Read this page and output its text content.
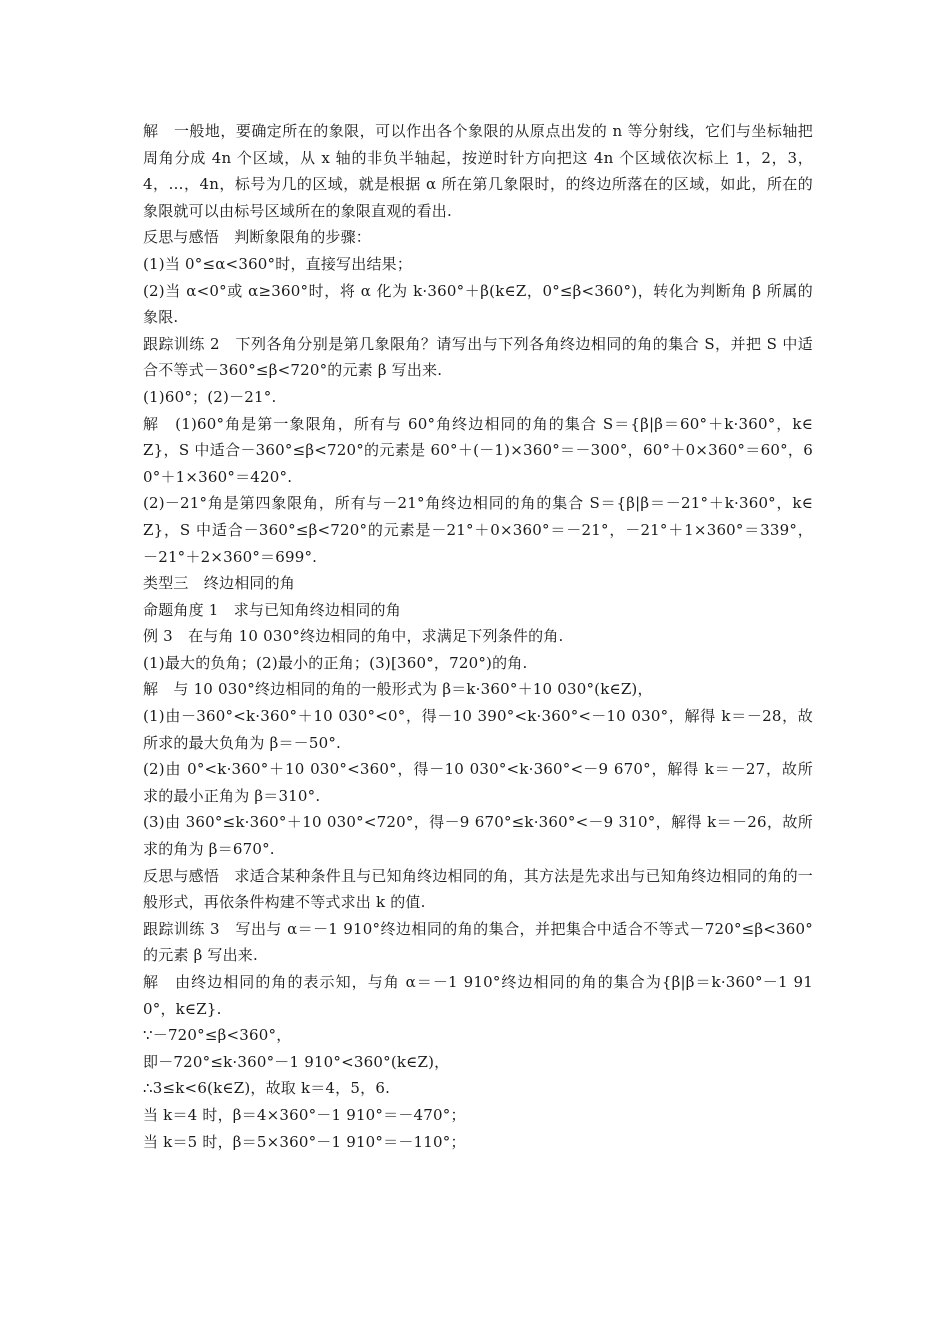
解　一般地，要确定所在的象限，可以作出各个象限的从原点出发的 n 等分射线，它们与坐标轴把周角分成 4n 个区域，从 x 轴的非负半轴起，按逆时针方向把这 4n 个区域依次标上 1，2，3，4，…，4n，标号为几的区域，就是根据 α 所在第几象限时，的终边所落在的区域，如此，所在的象限就可以由标号区域所在的象限直观的看出.

反思与感悟　判断象限角的步骤：

(1)当 0°≤α<360°时，直接写出结果；

(2)当 α<0°或 α≥360°时，将 α 化为 k·360°＋β(k∈Z，0°≤β<360°)，转化为判断角 β 所属的象限.

跟踪训练 2　下列各角分别是第几象限角？请写出与下列各角终边相同的角的集合 S，并把 S 中适合不等式－360°≤β<720°的元素 β 写出来.

(1)60°；(2)－21°.

解　(1)60°角是第一象限角，所有与 60°角终边相同的角的集合 S＝{β|β＝60°＋k·360°，k∈Z}，S 中适合－360°≤β<720°的元素是 60°＋(－1)×360°＝－300°，60°＋0×360°＝60°，60°＋1×360°＝420°.

(2)－21°角是第四象限角，所有与－21°角终边相同的角的集合 S＝{β|β＝－21°＋k·360°，k∈Z}，S 中适合－360°≤β<720°的元素是－21°＋0×360°＝－21°，－21°＋1×360°＝339°，－21°＋2×360°＝699°.

类型三　终边相同的角

命题角度 1　求与已知角终边相同的角

例 3　在与角 10 030°终边相同的角中，求满足下列条件的角.

(1)最大的负角；(2)最小的正角；(3)[360°，720°)的角.

解　与 10 030°终边相同的角的一般形式为 β＝k·360°＋10 030°(k∈Z)，

(1)由－360°<k·360°＋10 030°<0°，得－10 390°<k·360°<－10 030°，解得 k＝－28，故所求的最大负角为 β＝－50°.

(2)由 0°<k·360°＋10 030°<360°，得－10 030°<k·360°<－9 670°，解得 k＝－27，故所求的最小正角为 β＝310°.

(3)由 360°≤k·360°＋10 030°<720°，得－9 670°≤k·360°<－9 310°，解得 k＝－26，故所求的角为 β＝670°.

反思与感悟　求适合某种条件且与已知角终边相同的角，其方法是先求出与已知角终边相同的角的一般形式，再依条件构建不等式求出 k 的值.

跟踪训练 3　写出与 α＝－1 910°终边相同的角的集合，并把集合中适合不等式－720°≤β<360°的元素 β 写出来.

解　由终边相同的角的表示知，与角 α＝－1 910°终边相同的角的集合为{β|β＝k·360°－1 910°，k∈Z}.

∵－720°≤β<360°，

即－720°≤k·360°－1 910°<360°(k∈Z)，

∴3≤k<6(k∈Z)，故取 k＝4，5，6.

当 k＝4 时，β＝4×360°－1 910°＝－470°；

当 k＝5 时，β＝5×360°－1 910°＝－110°；
